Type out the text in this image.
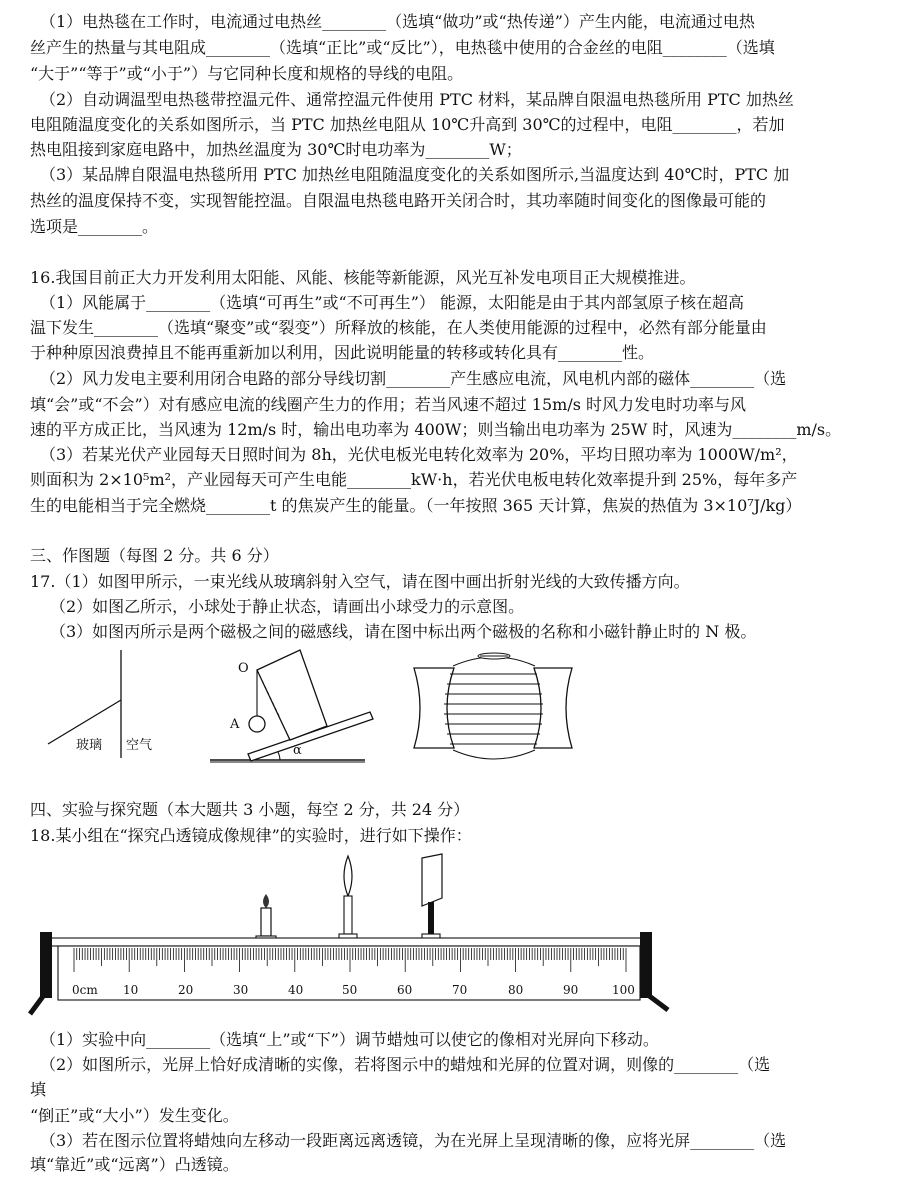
（1）电热毯在工作时，电流通过电热丝________（选填“做功”或“热传递”）产生内能，电流通过电热
丝产生的热量与其电阻成________（选填“正比”或“反比”），电热毯中使用的合金丝的电阻________（选填
“大于”“等于”或“小于”）与它同种长度和规格的导线的电阻。
（2）自动调温型电热毯带控温元件、通常控温元件使用 PTC 材料，某品牌自限温电热毯所用 PTC 加热丝
电阻随温度变化的关系如图所示，当 PTC 加热丝电阻从 10℃升高到 30℃的过程中，电阻________，若加
热电阻接到家庭电路中，加热丝温度为 30℃时电功率为________W；
（3）某品牌自限温电热毯所用 PTC 加热丝电阻随温度变化的关系如图所示,当温度达到 40℃时，PTC 加
热丝的温度保持不变，实现智能控温。自限温电热毯电路开关闭合时，其功率随时间变化的图像最可能的
选项是________。
16.我国目前正大力开发利用太阳能、风能、核能等新能源，风光互补发电项目正大规模推进。
（1）风能属于________（选填“可再生”或“不可再生”） 能源，太阳能是由于其内部氢原子核在超高
温下发生________（选填“聚变”或“裂变”）所释放的核能，在人类使用能源的过程中，必然有部分能量由
于种种原因浪费掉且不能再重新加以利用，因此说明能量的转移或转化具有________性。
（2）风力发电主要利用闭合电路的部分导线切割________产生感应电流，风电机内部的磁体________（选
填“会”或“不会”）对有感应电流的线圈产生力的作用；若当风速不超过 15m/s 时风力发电时功率与风
速的平方成正比，当风速为 12m/s 时，输出电功率为 400W；则当输出电功率为 25W 时，风速为________m/s。
（3）若某光伏产业园每天日照时间为 8h，光伏电板光电转化效率为 20%，平均日照功率为 1000W/m²，
则面积为 2×10⁵m²，产业园每天可产生电能________kW·h，若光伏电板电转化效率提升到 25%，每年多产
生的电能相当于完全燃烧________t 的焦炭产生的能量。（一年按照 365 天计算，焦炭的热值为 3×10⁷J/kg）
三、作图题（每图 2 分。共 6 分）
17.（1）如图甲所示，一束光线从玻璃斜射入空气，请在图中画出折射光线的大致传播方向。
（2）如图乙所示，小球处于静止状态，请画出小球受力的示意图。
（3）如图丙所示是两个磁极之间的磁感线，请在图中标出两个磁极的名称和小磁针静止时的 N 极。
玻璃 空气
O
A
α
四、实验与探究题（本大题共 3 小题，每空 2 分，共 24 分）
18.某小组在“探究凸透镜成像规律”的实验时，进行如下操作：
0cm 10	20	30	40	50	60	70	80	90	100
（1）实验中向________（选填“上”或“下”）调节蜡烛可以使它的像相对光屏向下移动。
（2）如图所示，光屏上恰好成清晰的实像，若将图示中的蜡烛和光屏的位置对调，则像的________（选
填
“倒正”或“大小”）发生变化。
（3）若在图示位置将蜡烛向左移动一段距离远离透镜，为在光屏上呈现清晰的像，应将光屏________（选
填“靠近”或“远离”）凸透镜。
